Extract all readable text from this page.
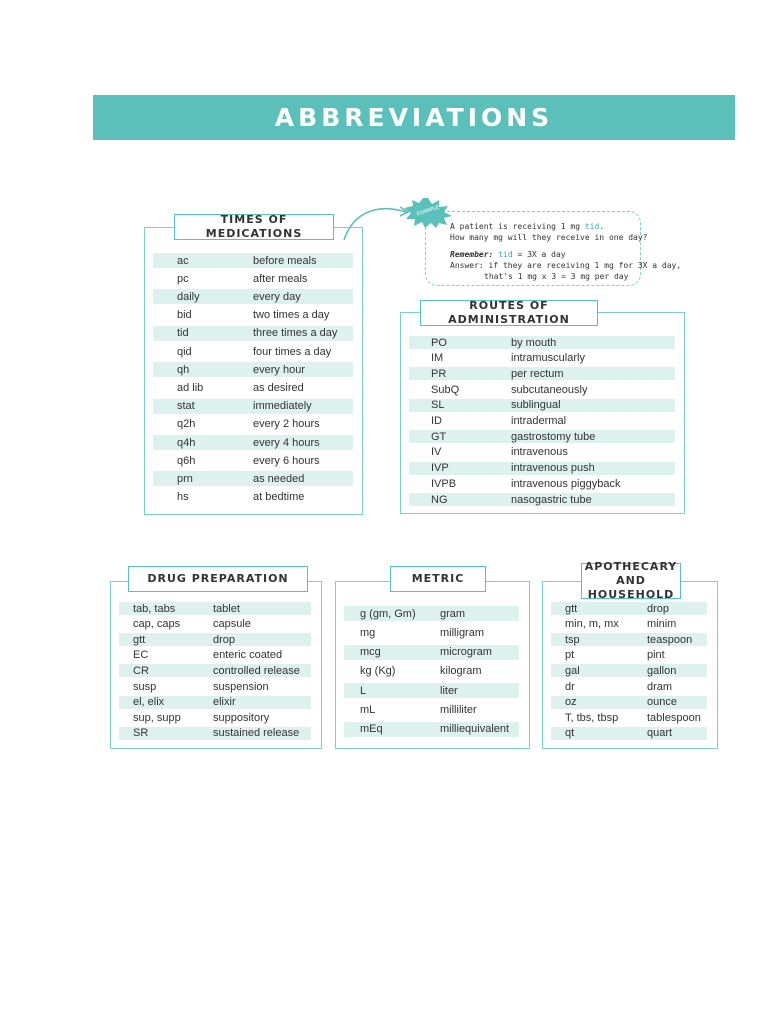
ABBREVIATIONS
ac	before meals
pc	after meals
daily	every day
bid	two times a day
tid	three times a day
qid	four times a day
qh	every hour
ad lib	as desired
stat	immediately
q2h	every 2 hours
q4h	every 4 hours
q6h	every 6 hours
prn	as needed
hs	at bedtime
TIMES OF MEDICATIONS
A patient is receiving 1 mg tid.
How many mg will they receive in one day?
Remember: tid = 3X a day
Answer: if they are receiving 1 mg for 3X a day,
that's 1 mg x 3 = 3 mg per day
EXAMPLE
PO	by mouth
IM	intramuscularly
PR	per rectum
SubQ	subcutaneously
SL	sublingual
ID	intradermal
GT	gastrostomy tube
IV	intravenous
IVP	intravenous push
IVPB	intravenous piggyback
NG	nasogastric tube
ROUTES OF ADMINISTRATION
tab, tabs	tablet
cap, caps	capsule
gtt	drop
EC	enteric coated
CR	controlled release
susp	suspension
el, elix	elixir
sup, supp	suppository
SR	sustained release
DRUG PREPARATION
g (gm, Gm)	gram
mg	milligram
mcg	microgram
kg (Kg)	kilogram
L	liter
mL	milliliter
mEq	milliequivalent
METRIC
gtt	drop
min, m, mx	minim
tsp	teaspoon
pt	pint
gal	gallon
dr	dram
oz	ounce
T, tbs, tbsp	tablespoon
qt	quart
APOTHECARY
AND HOUSEHOLD
